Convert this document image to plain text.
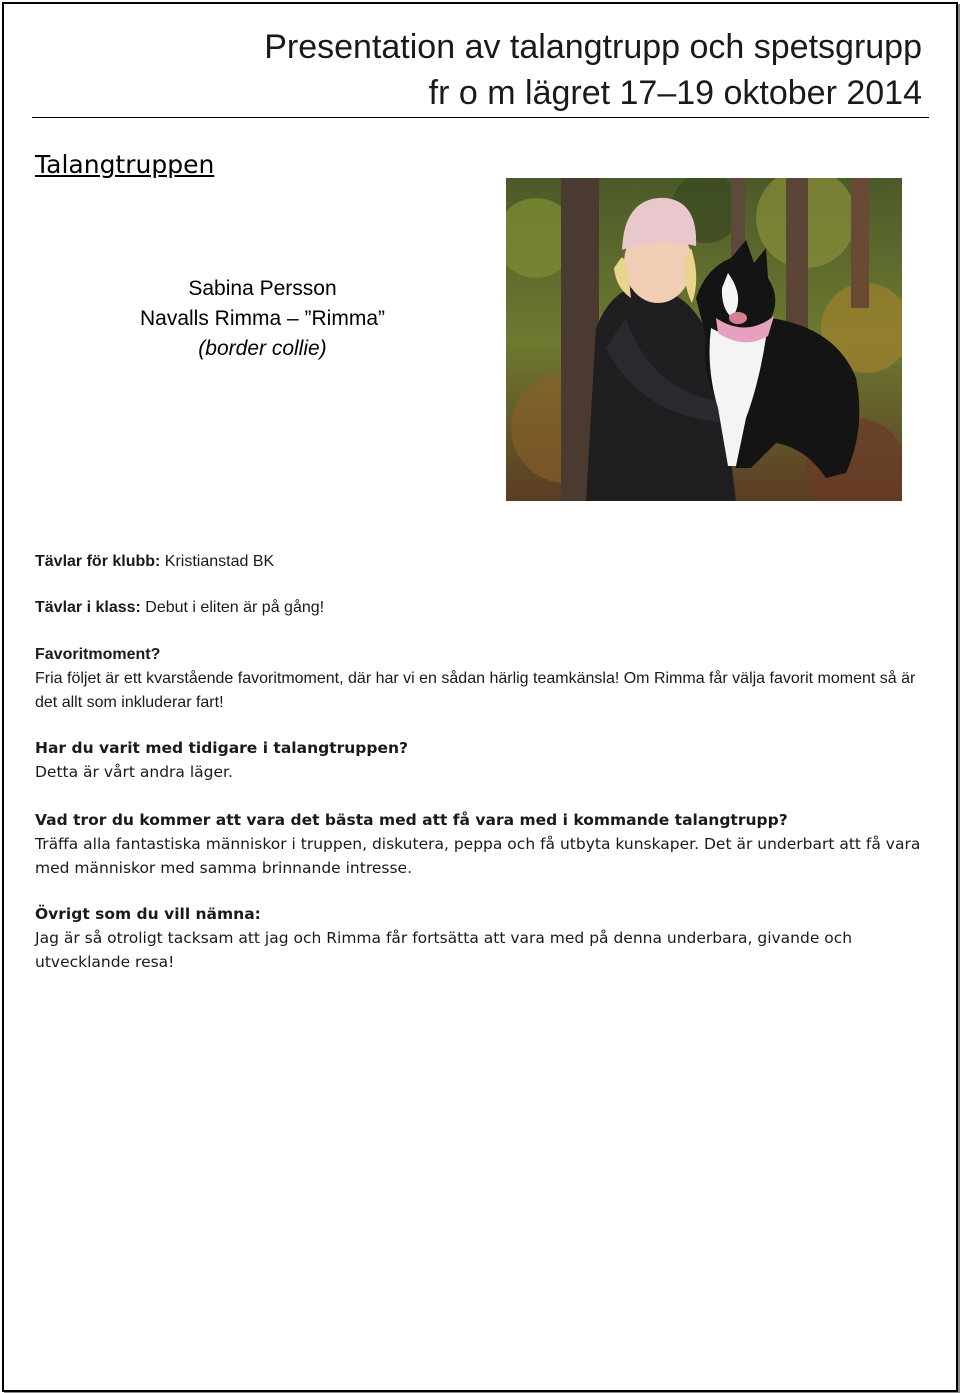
Presentation av talangtrupp och spetsgrupp
fr o m lägret 17–19 oktober 2014
Talangtruppen
Sabina Persson
Navalls Rimma – ”Rimma”
(border collie)
Tävlar för klubb: Kristianstad BK
Tävlar i klass: Debut i eliten är på gång!
Favoritmoment?
Fria följet är ett kvarstående favoritmoment, där har vi en sådan härlig teamkänsla! Om Rimma får välja favorit moment så är det allt som inkluderar fart!
Har du varit med tidigare i talangtruppen?
Detta är vårt andra läger.
Vad tror du kommer att vara det bästa med att få vara med i kommande talangtrupp?
Träffa alla fantastiska människor i truppen, diskutera, peppa och få utbyta kunskaper. Det är underbart att få vara med människor med samma brinnande intresse.
Övrigt som du vill nämna:
Jag är så otroligt tacksam att jag och Rimma får fortsätta att vara med på denna underbara, givande och utvecklande resa!
